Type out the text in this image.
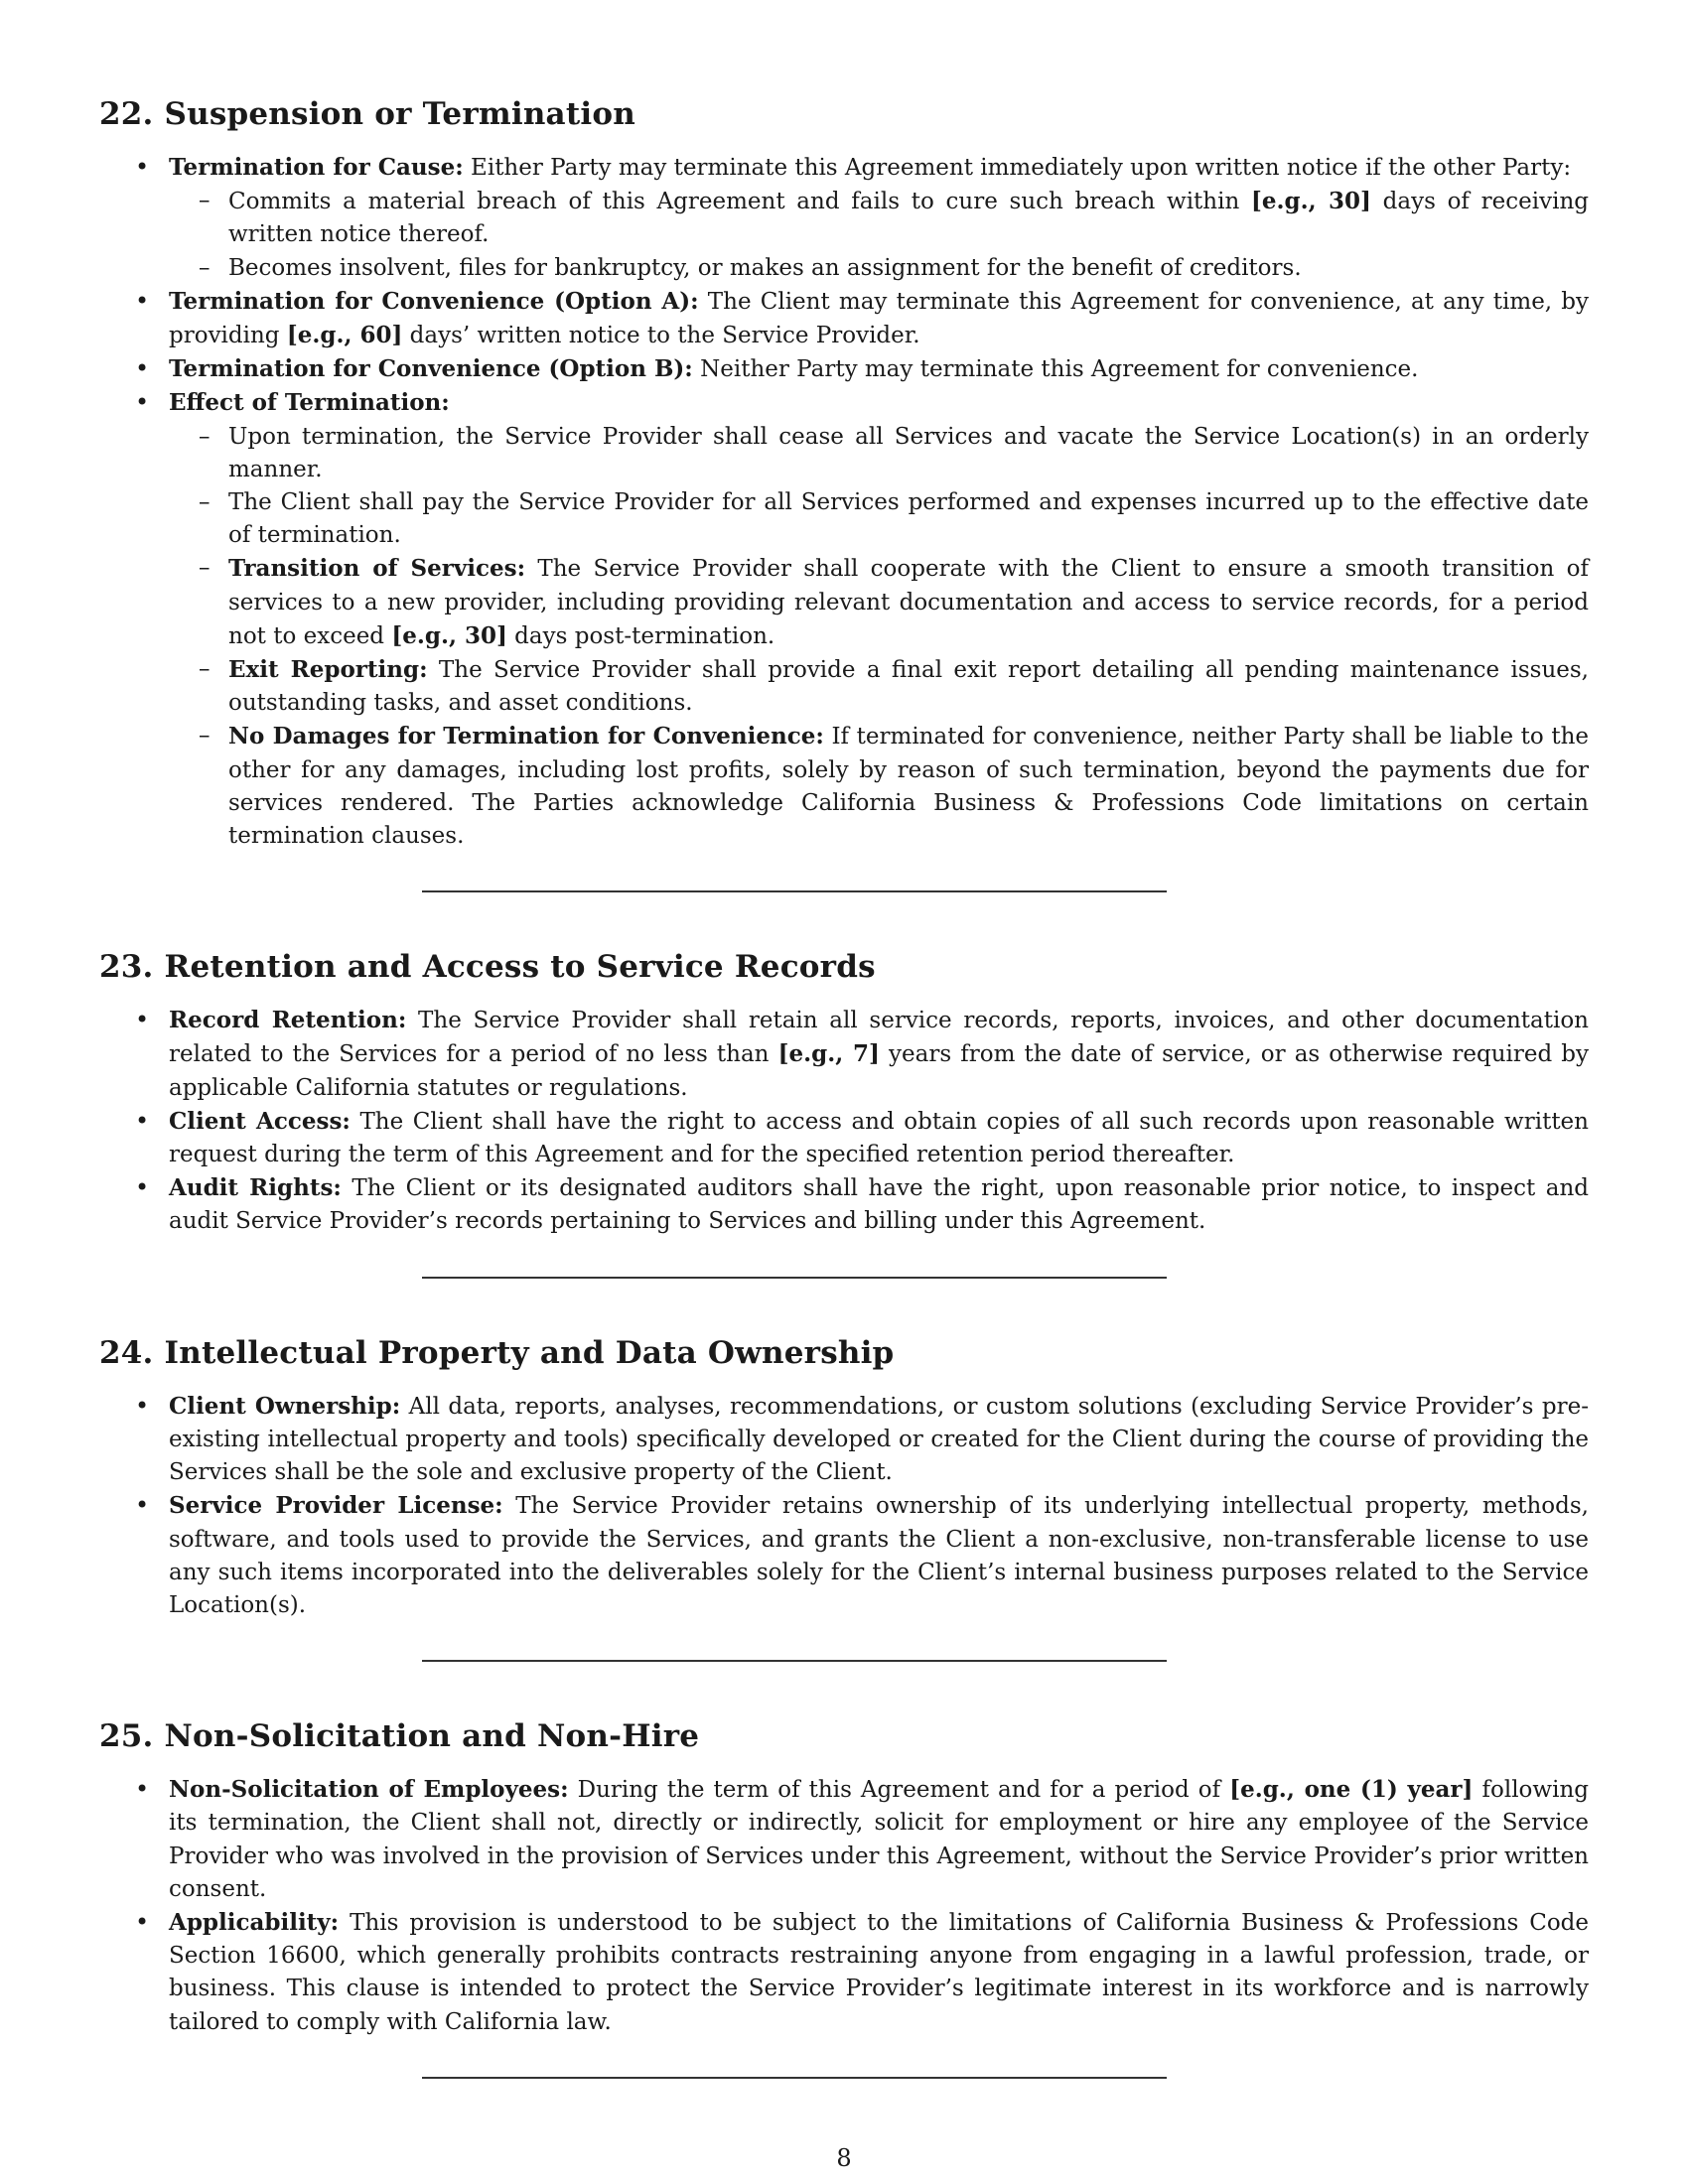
22. Suspension or Termination
• Termination for Cause: Either Party may terminate this Agreement immediately upon written notice if the other Party:
– Commits a material breach of this Agreement and fails to cure such breach within [e.g., 30] days of receiving written notice thereof.
– Becomes insolvent, files for bankruptcy, or makes an assignment for the benefit of creditors.
• Termination for Convenience (Option A): The Client may terminate this Agreement for convenience, at any time, by providing [e.g., 60] days’ written notice to the Service Provider.
• Termination for Convenience (Option B): Neither Party may terminate this Agreement for convenience.
• Effect of Termination:
– Upon termination, the Service Provider shall cease all Services and vacate the Service Location(s) in an orderly manner.
– The Client shall pay the Service Provider for all Services performed and expenses incurred up to the effective date of termination.
– Transition of Services: The Service Provider shall cooperate with the Client to ensure a smooth transition of services to a new provider, including providing relevant documentation and access to service records, for a period not to exceed [e.g., 30] days post-termination.
– Exit Reporting: The Service Provider shall provide a final exit report detailing all pending maintenance issues, outstanding tasks, and asset conditions.
– No Damages for Termination for Convenience: If terminated for convenience, neither Party shall be liable to the other for any damages, including lost profits, solely by reason of such termination, beyond the payments due for services rendered. The Parties acknowledge California Business & Professions Code limitations on certain termination clauses.
23. Retention and Access to Service Records
• Record Retention: The Service Provider shall retain all service records, reports, invoices, and other documentation related to the Services for a period of no less than [e.g., 7] years from the date of service, or as otherwise required by applicable California statutes or regulations.
• Client Access: The Client shall have the right to access and obtain copies of all such records upon reasonable written request during the term of this Agreement and for the specified retention period thereafter.
• Audit Rights: The Client or its designated auditors shall have the right, upon reasonable prior notice, to inspect and audit Service Provider’s records pertaining to Services and billing under this Agreement.
24. Intellectual Property and Data Ownership
• Client Ownership: All data, reports, analyses, recommendations, or custom solutions (excluding Service Provider’s pre-existing intellectual property and tools) specifically developed or created for the Client during the course of providing the Services shall be the sole and exclusive property of the Client.
• Service Provider License: The Service Provider retains ownership of its underlying intellectual property, methods, software, and tools used to provide the Services, and grants the Client a non-exclusive, non-transferable license to use any such items incorporated into the deliverables solely for the Client’s internal business purposes related to the Service Location(s).
25. Non-Solicitation and Non-Hire
• Non-Solicitation of Employees: During the term of this Agreement and for a period of [e.g., one (1) year] following its termination, the Client shall not, directly or indirectly, solicit for employment or hire any employee of the Service Provider who was involved in the provision of Services under this Agreement, without the Service Provider’s prior written consent.
• Applicability: This provision is understood to be subject to the limitations of California Business & Professions Code Section 16600, which generally prohibits contracts restraining anyone from engaging in a lawful profession, trade, or business. This clause is intended to protect the Service Provider’s legitimate interest in its workforce and is narrowly tailored to comply with California law.
8
